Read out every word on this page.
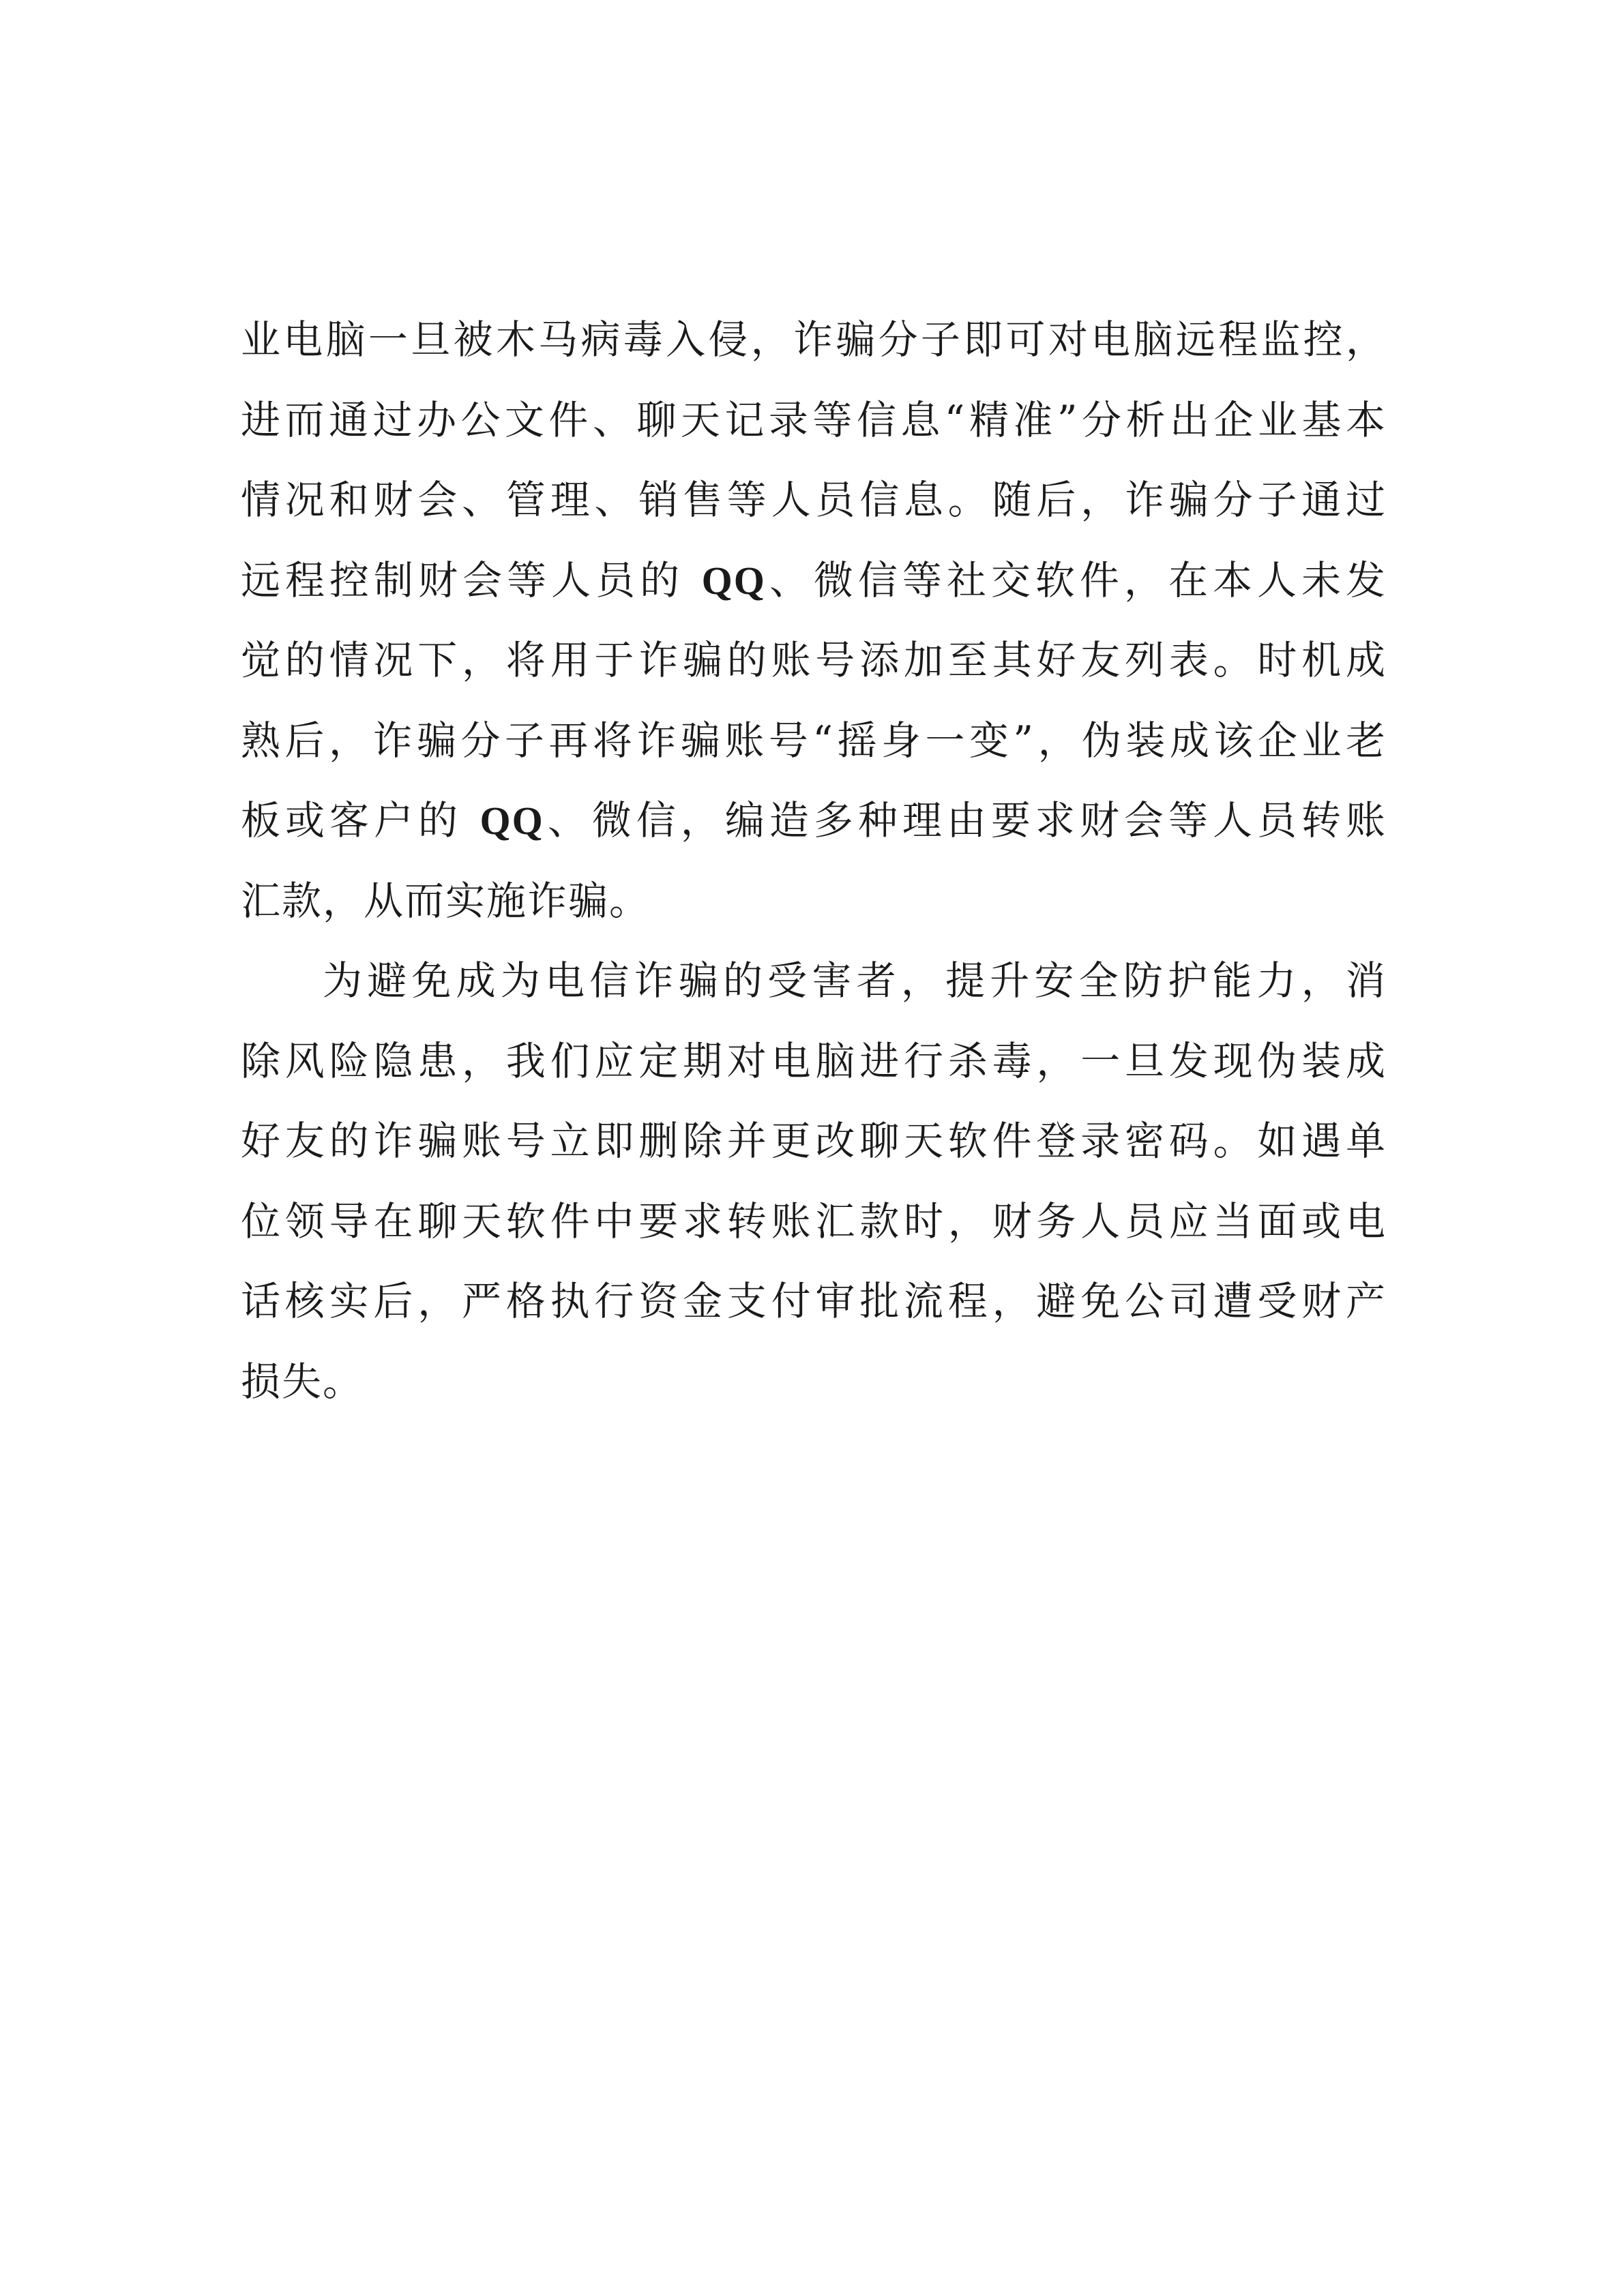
业电脑一旦被木马病毒入侵，诈骗分子即可对电脑远程监控，
进而通过办公文件、聊天记录等信息“精准”分析出企业基本
情况和财会、管理、销售等人员信息。随后，诈骗分子通过
远程控制财会等人员的 QQ、微信等社交软件，在本人未发
觉的情况下，将用于诈骗的账号添加至其好友列表。时机成
熟后，诈骗分子再将诈骗账号“摇身一变”，伪装成该企业老
板或客户的 QQ、微信，编造多种理由要求财会等人员转账
汇款，从而实施诈骗。
为避免成为电信诈骗的受害者，提升安全防护能力，消
除风险隐患，我们应定期对电脑进行杀毒，一旦发现伪装成
好友的诈骗账号立即删除并更改聊天软件登录密码。如遇单
位领导在聊天软件中要求转账汇款时，财务人员应当面或电
话核实后，严格执行资金支付审批流程，避免公司遭受财产
损失。
